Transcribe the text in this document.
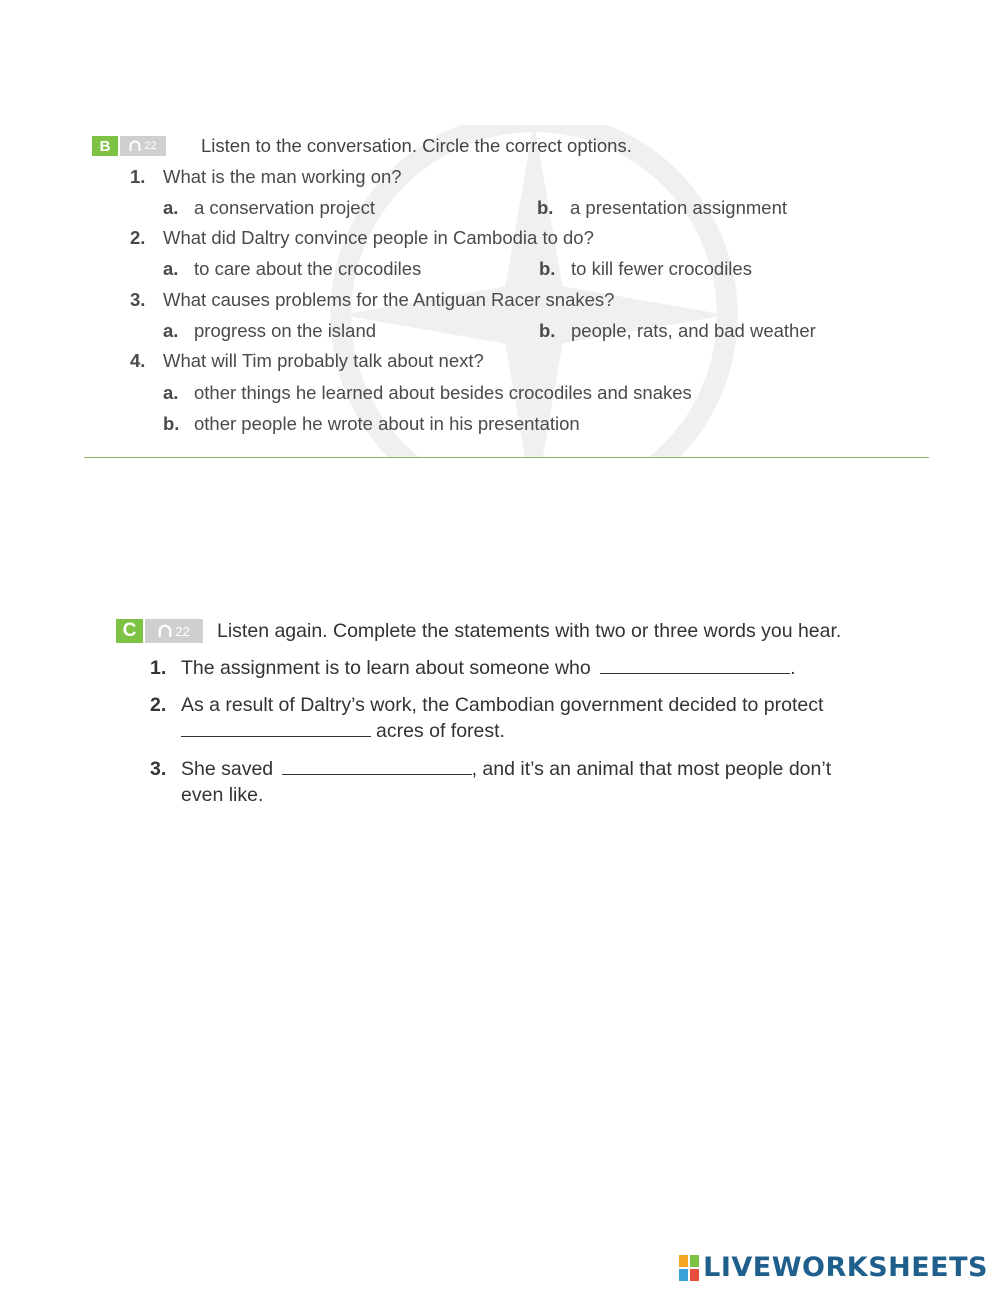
B	22 Listen to the conversation. Circle the correct options.
1. What is the man working on?
a. a conservation project	b. a presentation assignment
2. What did Daltry convince people in Cambodia to do?
a. to care about the crocodiles	b. to kill fewer crocodiles
3. What causes problems for the Antiguan Racer snakes?
a. progress on the island	b. people, rats, and bad weather
4. What will Tim probably talk about next?
a. other things he learned about besides crocodiles and snakes
b. other people he wrote about in his presentation
C	22 Listen again. Complete the statements with two or three words you hear.
1. The assignment is to learn about someone who	.
2. As a result of Daltry’s work, the Cambodian government decided to protect
acres of forest.
3. She saved	, and it’s an animal that most people don’t
even like.
LIVEWORKSHEETS
